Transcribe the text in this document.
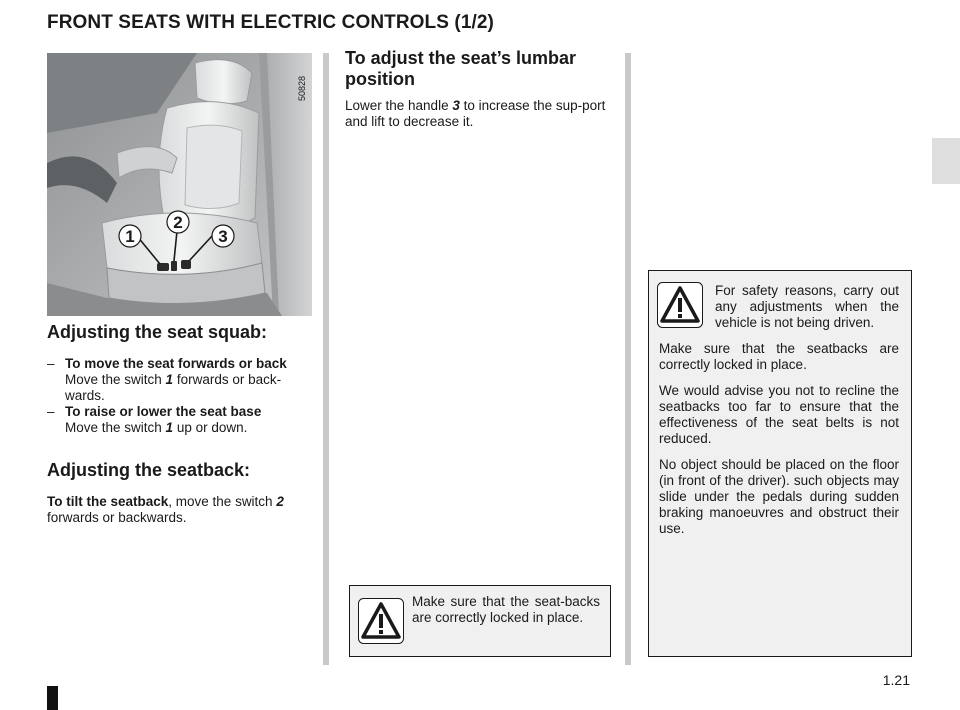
FRONT SEATS WITH ELECTRIC CONTROLS (1/2)
1
2
3
50828
Adjusting the seat squab:
– To move the seat forwards or back
Move the switch 1 forwards or back-wards.
– To raise or lower the seat base
Move the switch 1 up or down.
Adjusting the seatback:

To tilt the seatback, move the switch 2 forwards or backwards.

To adjust the seat’s lumbar position

Lower the handle 3 to increase the sup-port and lift to decrease it.

Make sure that the seat-backs are correctly locked in place.
For safety reasons, carry out any adjustments when the vehicle is not being driven.
Make sure that the seatbacks are correctly locked in place.
We would advise you not to recline the seatbacks too far to ensure that the effectiveness of the seat belts is not reduced.
No object should be placed on the floor (in front of the driver). such objects may slide under the pedals during sudden braking manoeuvres and obstruct their use.

1.21
